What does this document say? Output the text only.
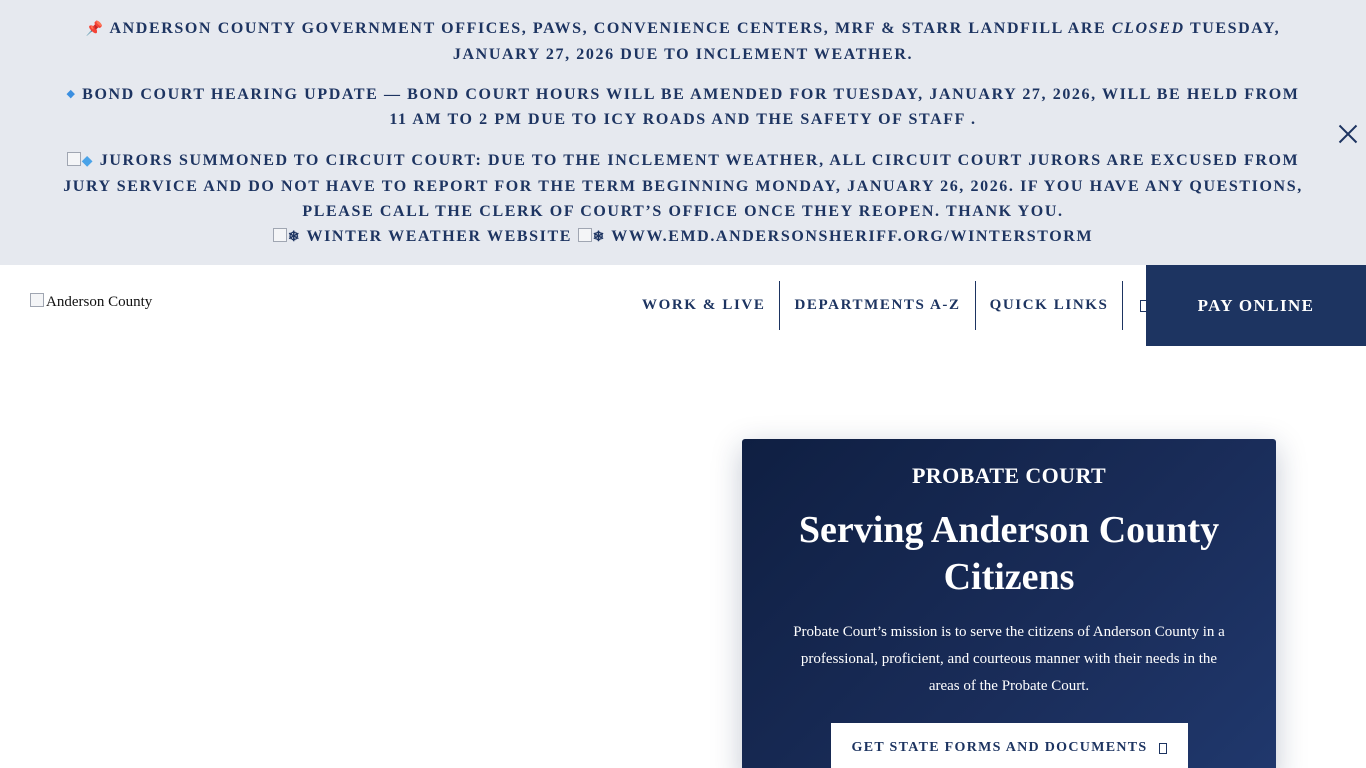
📌 ANDERSON COUNTY GOVERNMENT OFFICES, PAWS, CONVENIENCE CENTERS, MRF & STARR LANDFILL ARE CLOSED TUESDAY, JANUARY 27, 2026 DUE TO INCLEMENT WEATHER.
◆ BOND COURT HEARING UPDATE — BOND COURT HOURS WILL BE AMENDED FOR TUESDAY, JANUARY 27, 2026, WILL BE HELD FROM 11 AM TO 2 PM DUE TO ICY ROADS AND THE SAFETY OF STAFF .
◆ JURORS SUMMONED TO CIRCUIT COURT: DUE TO THE INCLEMENT WEATHER, ALL CIRCUIT COURT JURORS ARE EXCUSED FROM JURY SERVICE AND DO NOT HAVE TO REPORT FOR THE TERM BEGINNING MONDAY, JANUARY 26, 2026. IF YOU HAVE ANY QUESTIONS, PLEASE CALL THE CLERK OF COURT’S OFFICE ONCE THEY REOPEN. THANK YOU.
❄ WINTER WEATHER WEBSITE ❄ WWW.EMD.ANDERSONSHERIFF.ORG/WINTERSTORM
Anderson County	WORK & LIVE	DEPARTMENTS A-Z	QUICK LINKS	PAY ONLINE
PROBATE COURT
Serving Anderson County Citizens
Probate Court’s mission is to serve the citizens of Anderson County in a professional, proficient, and courteous manner with their needs in the areas of the Probate Court.
GET STATE FORMS AND DOCUMENTS
